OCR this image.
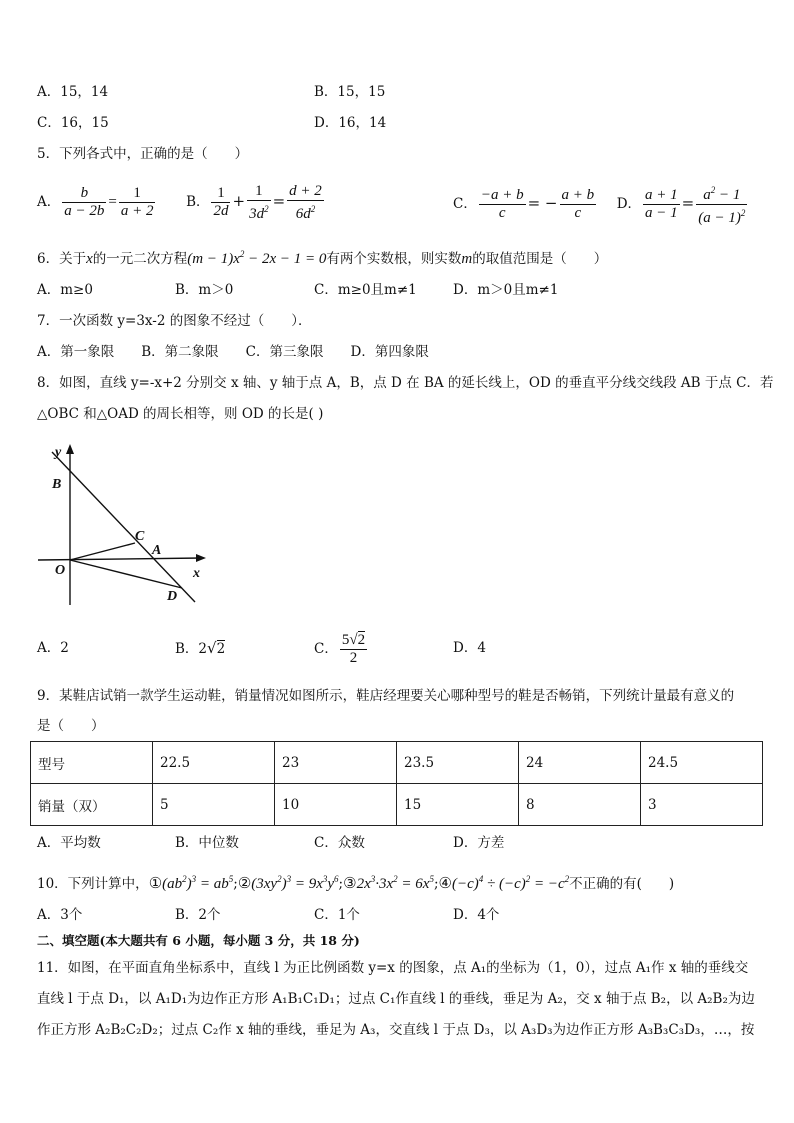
A．15，14	B．15，15
C．16，15	D．16，14
5．下列各式中，正确的是（　　）
A． $\frac{b}{a - 2b} = \frac{1}{a + 2}$ B． $\frac{1}{2d} + \frac{1}{3d^2} = \frac{d + 2}{6d^2}$	C． $\frac{-a + b}{c}$ = − $\frac{a + b}{c}$ D． $\frac{a + 1}{a - 1} = \frac{a^2 - 1}{(a - 1)^2}$
6．关于x的一元二次方程$(m - 1)x^2 - 2x - 1 = 0$有两个实数根，则实数m的取值范围是（　　）
A．m≥0	B．m＞0	C．m≥0且m≠1	D．m＞0且m≠1
7．一次函数 y=3x-2 的图象不经过（　　）．
A．第一象限　　B．第二象限　　C．第三象限　　D．第四象限
8．如图，直线 y=-x+2 分别交 x 轴、y 轴于点 A，B，点 D 在 BA 的延长线上，OD 的垂直平分线交线段 AB 于点 C．若
△OBC 和△OAD 的周长相等，则 OD 的长是( )
y
B
C
A
O	x
D
A．2	B．2√2	C． $\frac{5√2}{2}$	D．4
9．某鞋店试销一款学生运动鞋，销量情况如图所示，鞋店经理要关心哪种型号的鞋是否畅销，下列统计量最有意义的
是（　　）
型号	22.5	23	23.5	24	24.5
销量（双）	5	10	15	8	3
A．平均数	B．中位数	C．众数	D．方差
10．下列计算中，$①(ab^2)^3$ = $ab^5;②(3xy^2)^3$ = $9x^3y^6;③2x^3\cdot 3x^2$ = $6x^5;④(-c)^4 \div (-c)^2 = -c^2$不正确的有(　　)
A．3个	B．2个	C．1个	D．4个
二、填空题(本大题共有 6 小题，每小题 3 分，共 18 分)
11．如图，在平面直角坐标系中，直线 l 为正比例函数 y=x 的图象，点 A₁的坐标为（1，0），过点 A₁作 x 轴的垂线交
直线 l 于点 D₁，以 A₁D₁为边作正方形 A₁B₁C₁D₁；过点 C₁作直线 l 的垂线，垂足为 A₂，交 x 轴于点 B₂，以 A₂B₂为边
作正方形 A₂B₂C₂D₂；过点 C₂作 x 轴的垂线，垂足为 A₃，交直线 l 于点 D₃，以 A₃D₃为边作正方形 A₃B₃C₃D₃，…，按
